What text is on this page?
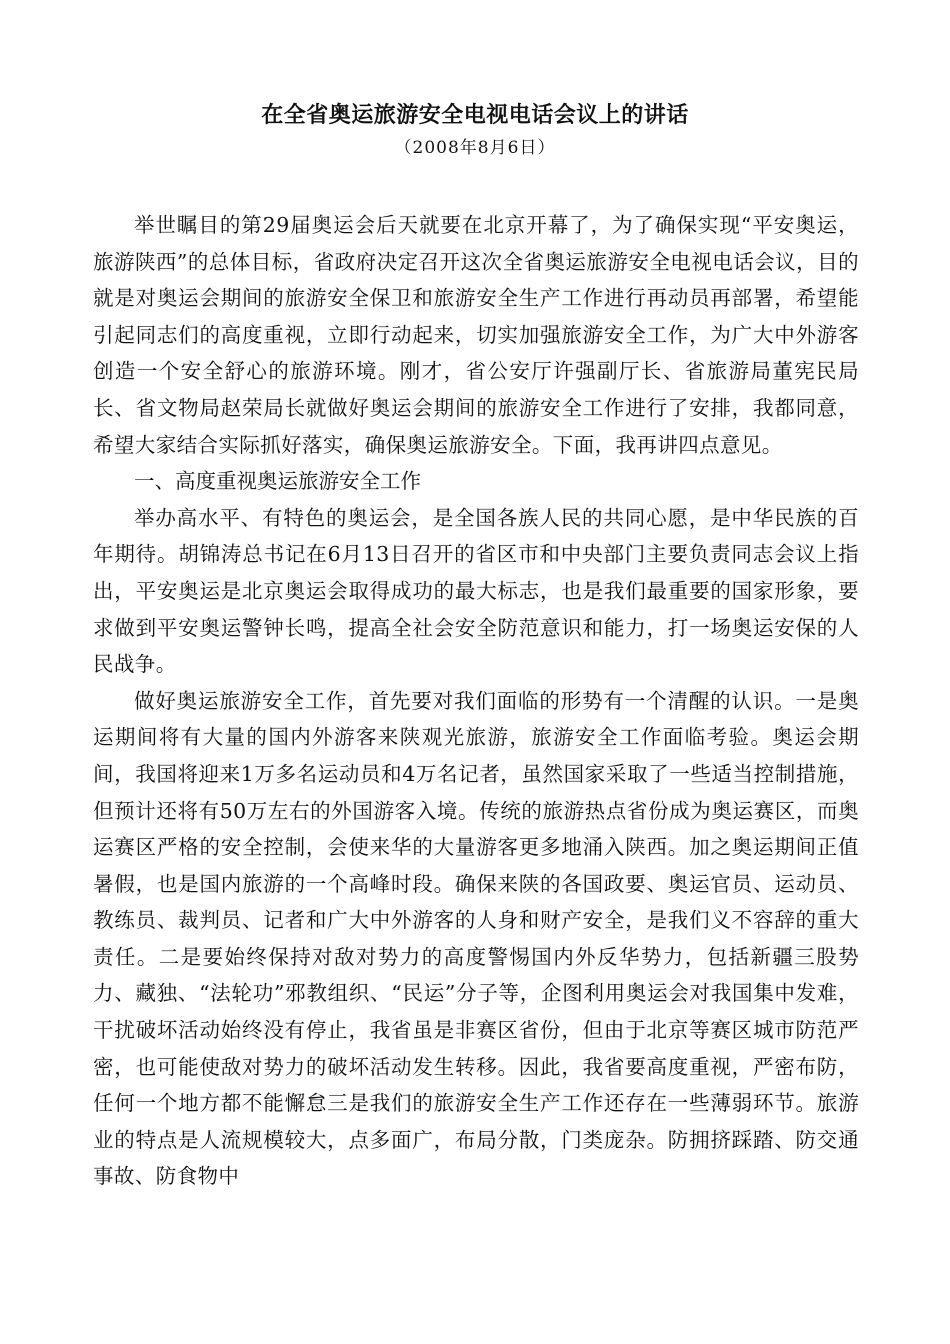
在全省奥运旅游安全电视电话会议上的讲话
（2008年8月6日）

举世瞩目的第29届奥运会后天就要在北京开幕了，为了确保实现“平安奥运，旅游陕西”的总体目标，省政府决定召开这次全省奥运旅游安全电视电话会议，目的就是对奥运会期间的旅游安全保卫和旅游安全生产工作进行再动员再部署，希望能引起同志们的高度重视，立即行动起来，切实加强旅游安全工作，为广大中外游客创造一个安全舒心的旅游环境。刚才，省公安厅许强副厅长、省旅游局董宪民局长、省文物局赵荣局长就做好奥运会期间的旅游安全工作进行了安排，我都同意，希望大家结合实际抓好落实，确保奥运旅游安全。下面，我再讲四点意见。

一、高度重视奥运旅游安全工作

举办高水平、有特色的奥运会，是全国各族人民的共同心愿，是中华民族的百年期待。胡锦涛总书记在6月13日召开的省区市和中央部门主要负责同志会议上指出，平安奥运是北京奥运会取得成功的最大标志，也是我们最重要的国家形象，要求做到平安奥运警钟长鸣，提高全社会安全防范意识和能力，打一场奥运安保的人民战争。

做好奥运旅游安全工作，首先要对我们面临的形势有一个清醒的认识。一是奥运期间将有大量的国内外游客来陕观光旅游，旅游安全工作面临考验。奥运会期间，我国将迎来1万多名运动员和4万名记者，虽然国家采取了一些适当控制措施，但预计还将有50万左右的外国游客入境。传统的旅游热点省份成为奥运赛区，而奥运赛区严格的安全控制，会使来华的大量游客更多地涌入陕西。加之奥运期间正值暑假，也是国内旅游的一个高峰时段。确保来陕的各国政要、奥运官员、运动员、教练员、裁判员、记者和广大中外游客的人身和财产安全，是我们义不容辞的重大责任。二是要始终保持对敌对势力的高度警惕国内外反华势力，包括新疆三股势力、藏独、“法轮功”邪教组织、“民运”分子等，企图利用奥运会对我国集中发难，干扰破坏活动始终没有停止，我省虽是非赛区省份，但由于北京等赛区城市防范严密，也可能使敌对势力的破坏活动发生转移。因此，我省要高度重视，严密布防，任何一个地方都不能懈怠三是我们的旅游安全生产工作还存在一些薄弱环节。旅游业的特点是人流规模较大，点多面广，布局分散，门类庞杂。防拥挤踩踏、防交通事故、防食物中
